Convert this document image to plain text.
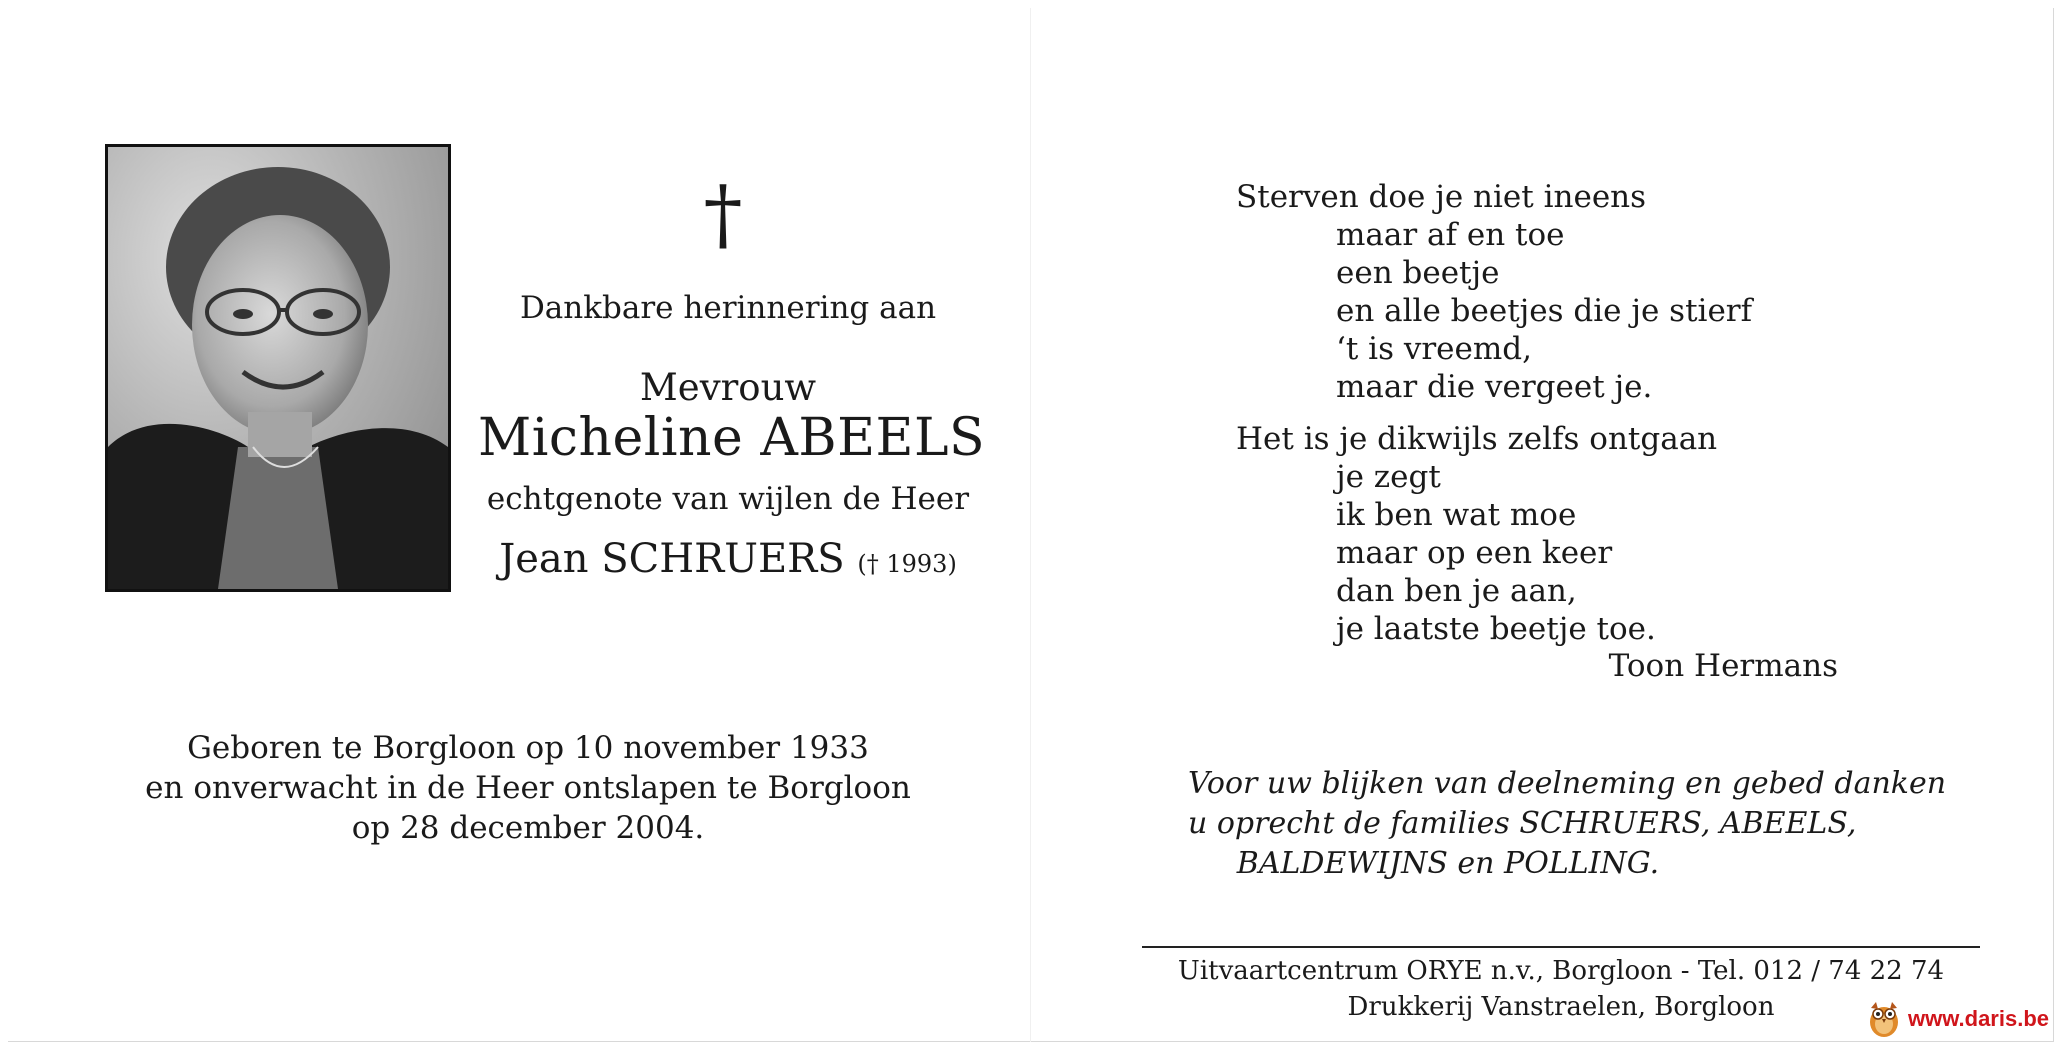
†
Dankbare herinnering aan
Mevrouw
Micheline ABEELS
echtgenote van wijlen de Heer
Jean SCHRUERS († 1993)
Geboren te Borgloon op 10 november 1933
en onverwacht in de Heer ontslapen te Borgloon
op 28 december 2004.
Sterven doe je niet ineens
maar af en toe
een beetje
en alle beetjes die je stierf
‘t is vreemd,
maar die vergeet je.
Het is je dikwijls zelfs ontgaan
je zegt
ik ben wat moe
maar op een keer
dan ben je aan,
je laatste beetje toe.
Toon Hermans
Voor uw blijken van deelneming en gebed danken
u oprecht de families SCHRUERS, ABEELS,
BALDEWIJNS en POLLING.
Uitvaartcentrum ORYE n.v., Borgloon - Tel. 012 / 74 22 74
Drukkerij Vanstraelen, Borgloon	www.daris.be
